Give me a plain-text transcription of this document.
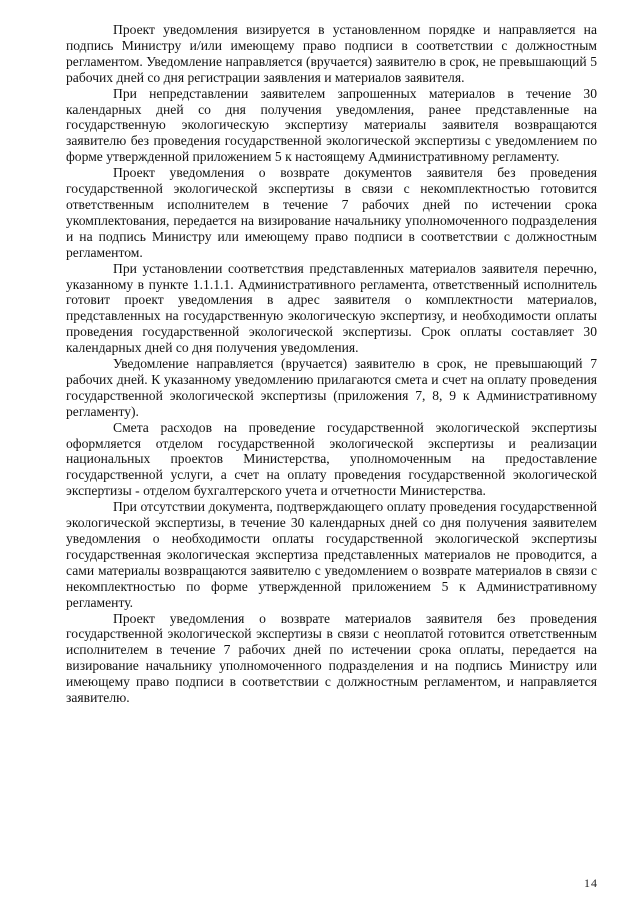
Проект уведомления визируется в установленном порядке и направляется на подпись Министру и/или имеющему право подписи в соответствии с должностным регламентом. Уведомление направляется (вручается) заявителю в срок, не превышающий 5 рабочих дней со дня регистрации заявления и материалов заявителя.

При непредставлении заявителем запрошенных материалов в течение 30 календарных дней со дня получения уведомления, ранее представленные на государственную экологическую экспертизу материалы заявителя возвращаются заявителю без проведения государственной экологической экспертизы с уведомлением по форме утвержденной приложением 5 к настоящему Административному регламенту.

Проект уведомления о возврате документов заявителя без проведения государственной экологической экспертизы в связи с некомплектностью готовится ответственным исполнителем в течение 7 рабочих дней по истечении срока укомплектования, передается на визирование начальнику уполномоченного подразделения и на подпись Министру или имеющему право подписи в соответствии с должностным регламентом.

При установлении соответствия представленных материалов заявителя перечню, указанному в пункте 1.1.1.1. Административного регламента, ответственный исполнитель готовит проект уведомления в адрес заявителя о комплектности материалов, представленных на государственную экологическую экспертизу, и необходимости оплаты проведения государственной экологической экспертизы. Срок оплаты составляет 30 календарных дней со дня получения уведомления.

Уведомление направляется (вручается) заявителю в срок, не превышающий 7 рабочих дней. К указанному уведомлению прилагаются смета и счет на оплату проведения государственной экологической экспертизы (приложения 7, 8, 9 к Административному регламенту).

Смета расходов на проведение государственной экологической экспертизы оформляется отделом государственной экологической экспертизы и реализации национальных проектов Министерства, уполномоченным на предоставление государственной услуги, а счет на оплату проведения государственной экологической экспертизы - отделом бухгалтерского учета и отчетности Министерства.

При отсутствии документа, подтверждающего оплату проведения государственной экологической экспертизы, в течение 30 календарных дней со дня получения заявителем уведомления о необходимости оплаты государственной экологической экспертизы государственная экологическая экспертиза представленных материалов не проводится, а сами материалы возвращаются заявителю с уведомлением о возврате материалов в связи с некомплектностью по форме утвержденной приложением 5 к Административному регламенту.

Проект уведомления о возврате материалов заявителя без проведения государственной экологической экспертизы в связи с неоплатой готовится ответственным исполнителем в течение 7 рабочих дней по истечении срока оплаты, передается на визирование начальнику уполномоченного подразделения и на подпись Министру или имеющему право подписи в соответствии с должностным регламентом, и направляется заявителю.

14
